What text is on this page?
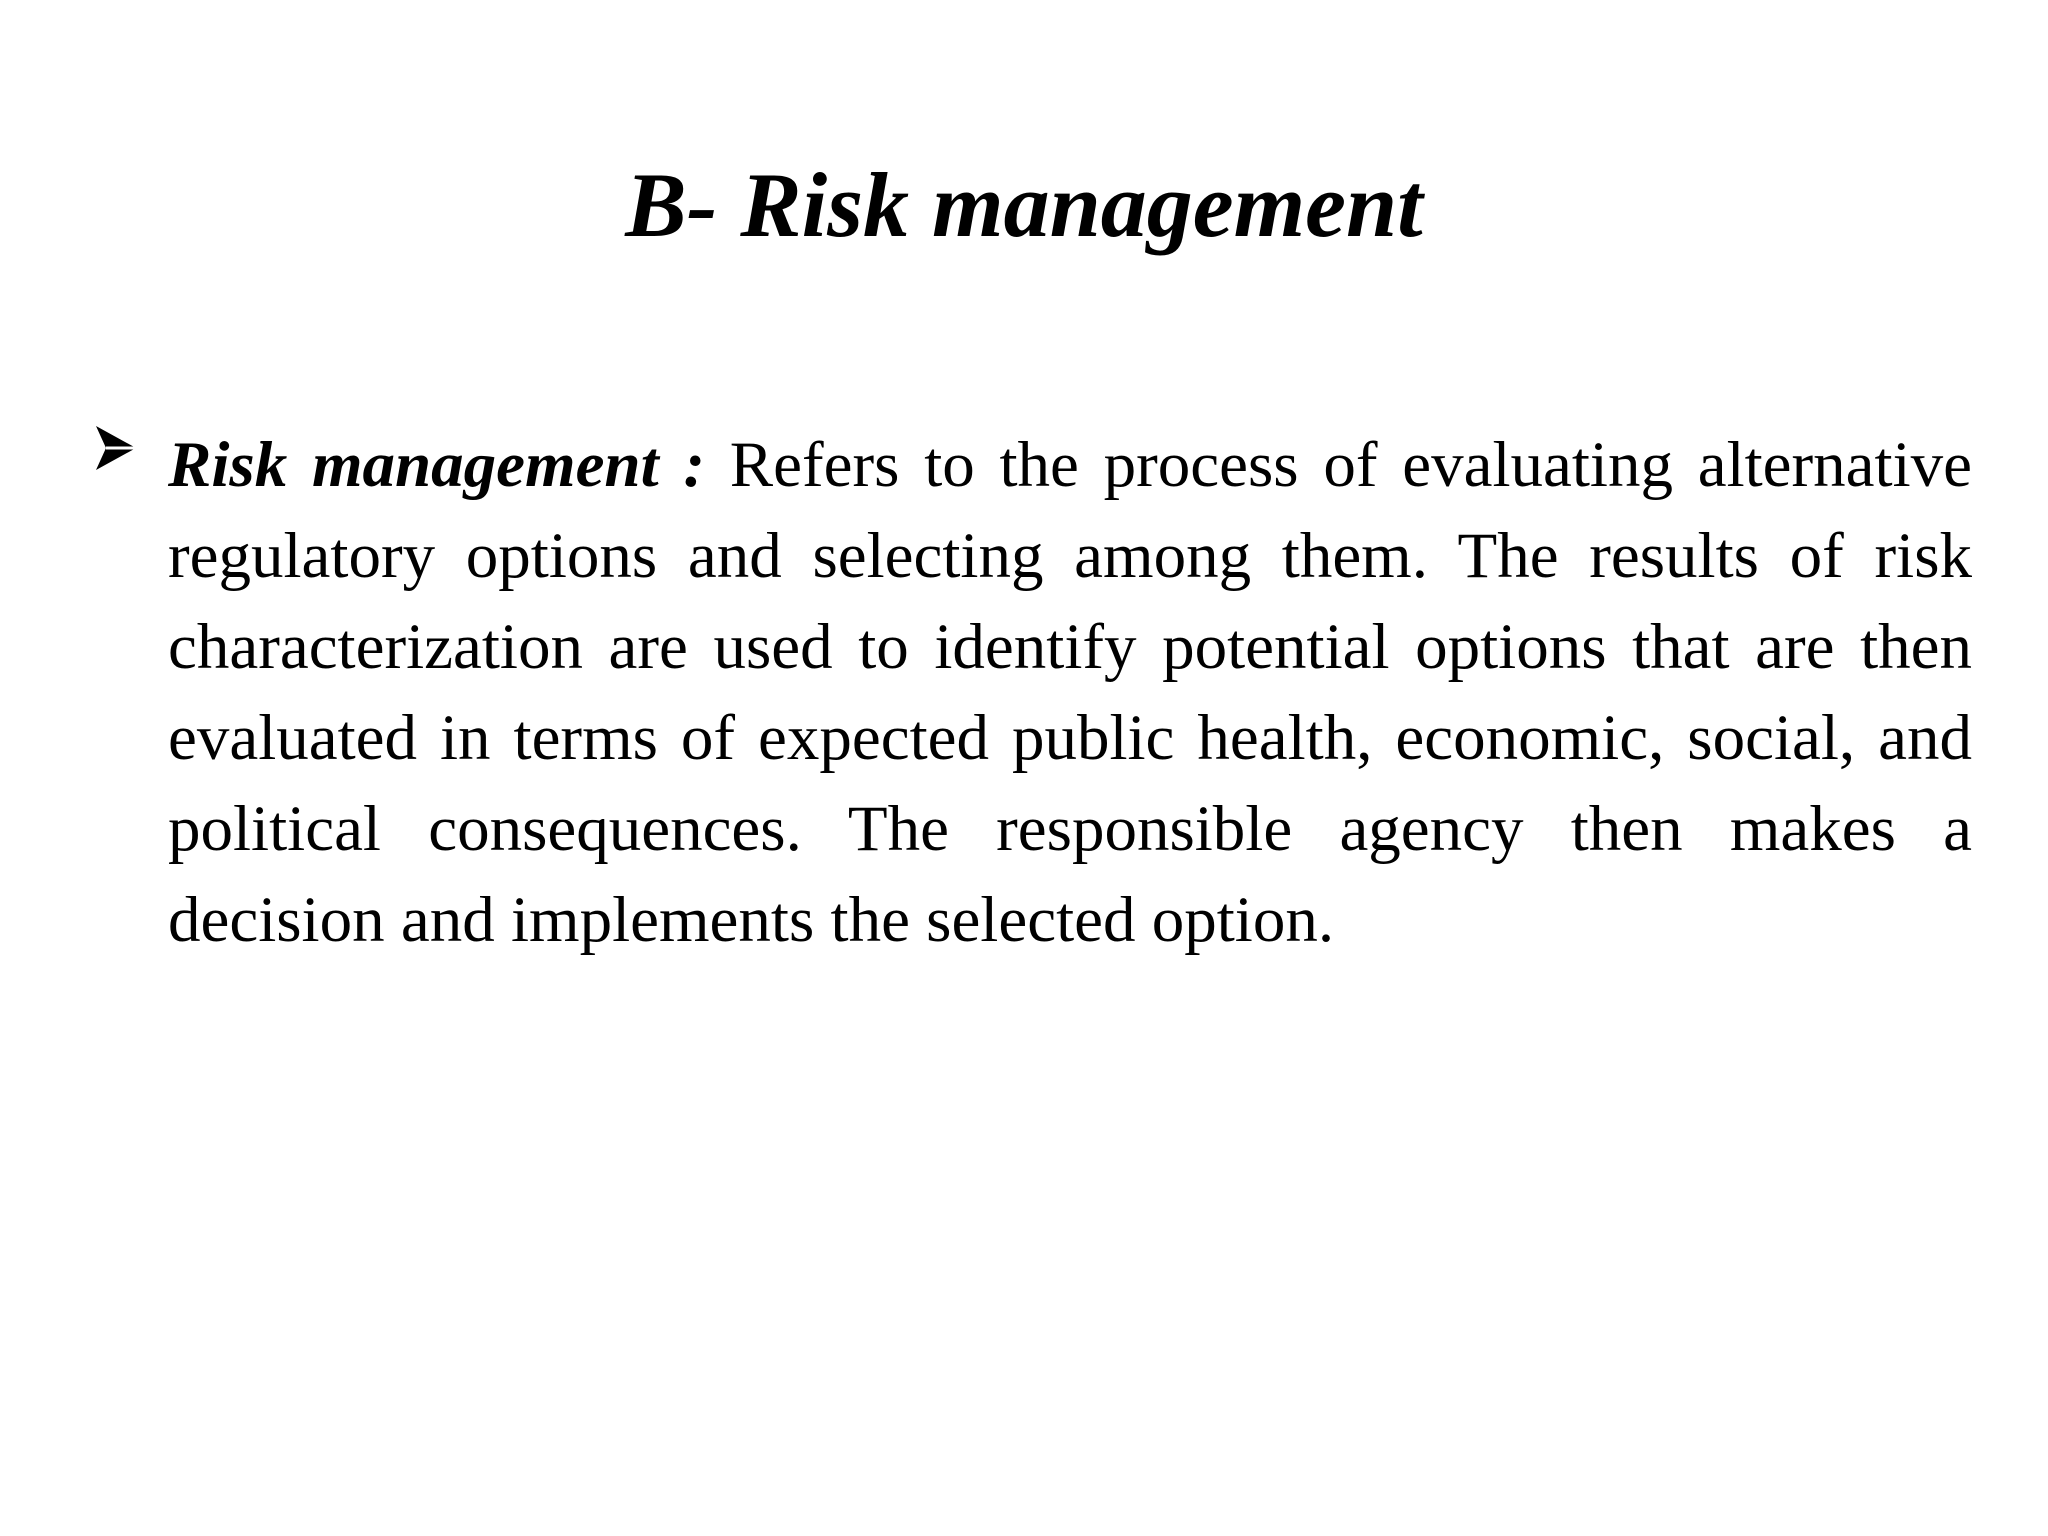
B- Risk management

Risk management : Refers to the process of evaluating alternative regulatory options and selecting among them. The results of risk characterization are used to identify potential options that are then evaluated in terms of expected public health, economic, social, and political consequences. The responsible agency then makes a decision and implements the selected option.
